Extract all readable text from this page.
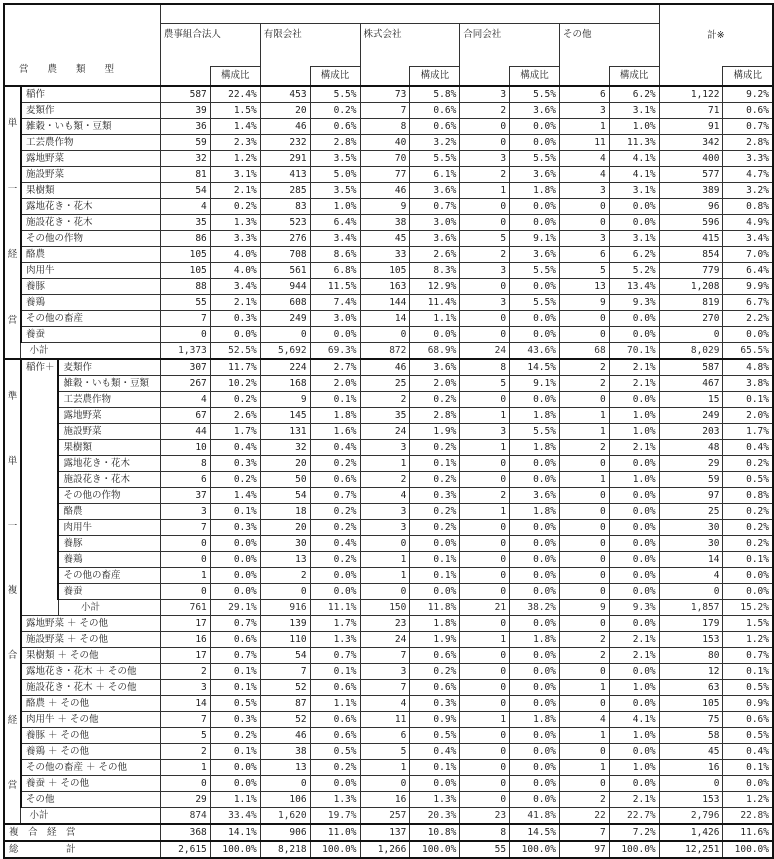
営　　農　　類　　型													計※	
			農事組合法人		有限会社		株式会社		合同会社		その他			
				構成比		構成比		構成比		構成比		構成比		構成比

単
一
経
営	稲作		587	22.4%	453	5.5%	73	5.8%	3	5.5%	6	6.2%	1,122	9.2%
	麦類作		39	1.5%	20	0.2%	7	0.6%	2	3.6%	3	3.1%	71	0.6%
	雑穀・いも類・豆類		36	1.4%	46	0.6%	8	0.6%	0	0.0%	1	1.0%	91	0.7%
	工芸農作物		59	2.3%	232	2.8%	40	3.2%	0	0.0%	11	11.3%	342	2.8%
	露地野菜		32	1.2%	291	3.5%	70	5.5%	3	5.5%	4	4.1%	400	3.3%
	施設野菜		81	3.1%	413	5.0%	77	6.1%	2	3.6%	4	4.1%	577	4.7%
	果樹類		54	2.1%	285	3.5%	46	3.6%	1	1.8%	3	3.1%	389	3.2%
	露地花き・花木		4	0.2%	83	1.0%	9	0.7%	0	0.0%	0	0.0%	96	0.8%
	施設花き・花木		35	1.3%	523	6.4%	38	3.0%	0	0.0%	0	0.0%	596	4.9%
	その他の作物		86	3.3%	276	3.4%	45	3.6%	5	9.1%	3	3.1%	415	3.4%
	酪農		105	4.0%	708	8.6%	33	2.6%	2	3.6%	6	6.2%	854	7.0%
	肉用牛		105	4.0%	561	6.8%	105	8.3%	3	5.5%	5	5.2%	779	6.4%
	養豚		88	3.4%	944	11.5%	163	12.9%	0	0.0%	13	13.4%	1,208	9.9%
	養鶏		55	2.1%	608	7.4%	144	11.4%	3	5.5%	9	9.3%	819	6.7%
	その他の畜産		7	0.3%	249	3.0%	14	1.1%	0	0.0%	0	0.0%	270	2.2%
	養蚕		0	0.0%	0	0.0%	0	0.0%	0	0.0%	0	0.0%	0	0.0%
	小計		1,373	52.5%	5,692	69.3%	872	68.9%	24	43.6%	68	70.1%	8,029	65.5%

準
単
一
複
合
経
営
	稲作＋	麦類作	307	11.7%	224	2.7%	46	3.6%	8	14.5%	2	2.1%	587	4.8%
		雑穀・いも類・豆類	267	10.2%	168	2.0%	25	2.0%	5	9.1%	2	2.1%	467	3.8%
		工芸農作物	4	0.2%	9	0.1%	2	0.2%	0	0.0%	0	0.0%	15	0.1%
		露地野菜	67	2.6%	145	1.8%	35	2.8%	1	1.8%	1	1.0%	249	2.0%
		施設野菜	44	1.7%	131	1.6%	24	1.9%	3	5.5%	1	1.0%	203	1.7%
		果樹類	10	0.4%	32	0.4%	3	0.2%	1	1.8%	2	2.1%	48	0.4%
		露地花き・花木	8	0.3%	20	0.2%	1	0.1%	0	0.0%	0	0.0%	29	0.2%
		施設花き・花木	6	0.2%	50	0.6%	2	0.2%	0	0.0%	1	1.0%	59	0.5%
		その他の作物	37	1.4%	54	0.7%	4	0.3%	2	3.6%	0	0.0%	97	0.8%
		酪農	3	0.1%	18	0.2%	3	0.2%	1	1.8%	0	0.0%	25	0.2%
		肉用牛	7	0.3%	20	0.2%	3	0.2%	0	0.0%	0	0.0%	30	0.2%
		養豚	0	0.0%	30	0.4%	0	0.0%	0	0.0%	0	0.0%	30	0.2%
		養鶏	0	0.0%	13	0.2%	1	0.1%	0	0.0%	0	0.0%	14	0.1%
		その他の畜産	1	0.0%	2	0.0%	1	0.1%	0	0.0%	0	0.0%	4	0.0%
		養蚕	0	0.0%	0	0.0%	0	0.0%	0	0.0%	0	0.0%	0	0.0%
		小計	761	29.1%	916	11.1%	150	11.8%	21	38.2%	9	9.3%	1,857	15.2%
	露地野菜 ＋ その他		17	0.7%	139	1.7%	23	1.8%	0	0.0%	0	0.0%	179	1.5%
	施設野菜 ＋ その他		16	0.6%	110	1.3%	24	1.9%	1	1.8%	2	2.1%	153	1.2%
	果樹類 ＋ その他		17	0.7%	54	0.7%	7	0.6%	0	0.0%	2	2.1%	80	0.7%
	露地花き・花木 ＋ その他		2	0.1%	7	0.1%	3	0.2%	0	0.0%	0	0.0%	12	0.1%
	施設花き・花木 ＋ その他		3	0.1%	52	0.6%	7	0.6%	0	0.0%	1	1.0%	63	0.5%
	酪農 ＋ その他		14	0.5%	87	1.1%	4	0.3%	0	0.0%	0	0.0%	105	0.9%
	肉用牛 ＋ その他		7	0.3%	52	0.6%	11	0.9%	1	1.8%	4	4.1%	75	0.6%
	養豚 ＋ その他		5	0.2%	46	0.6%	6	0.5%	0	0.0%	1	1.0%	58	0.5%
	養鶏 ＋ その他		2	0.1%	38	0.5%	5	0.4%	0	0.0%	0	0.0%	45	0.4%
	その他の畜産 ＋ その他		1	0.0%	13	0.2%	1	0.1%	0	0.0%	1	1.0%	16	0.1%
	養蚕 ＋ その他		0	0.0%	0	0.0%	0	0.0%	0	0.0%	0	0.0%	0	0.0%
	その他		29	1.1%	106	1.3%	16	1.3%	0	0.0%	2	2.1%	153	1.2%
	小計		874	33.4%	1,620	19.7%	257	20.3%	23	41.8%	22	22.7%	2,796	22.8%
複　合　経　営			368	14.1%	906	11.0%	137	10.8%	8	14.5%	7	7.2%	1,426	11.6%
総　　　　　計			2,615	100.0%	8,218	100.0%	1,266	100.0%	55	100.0%	97	100.0%	12,251	100.0%
